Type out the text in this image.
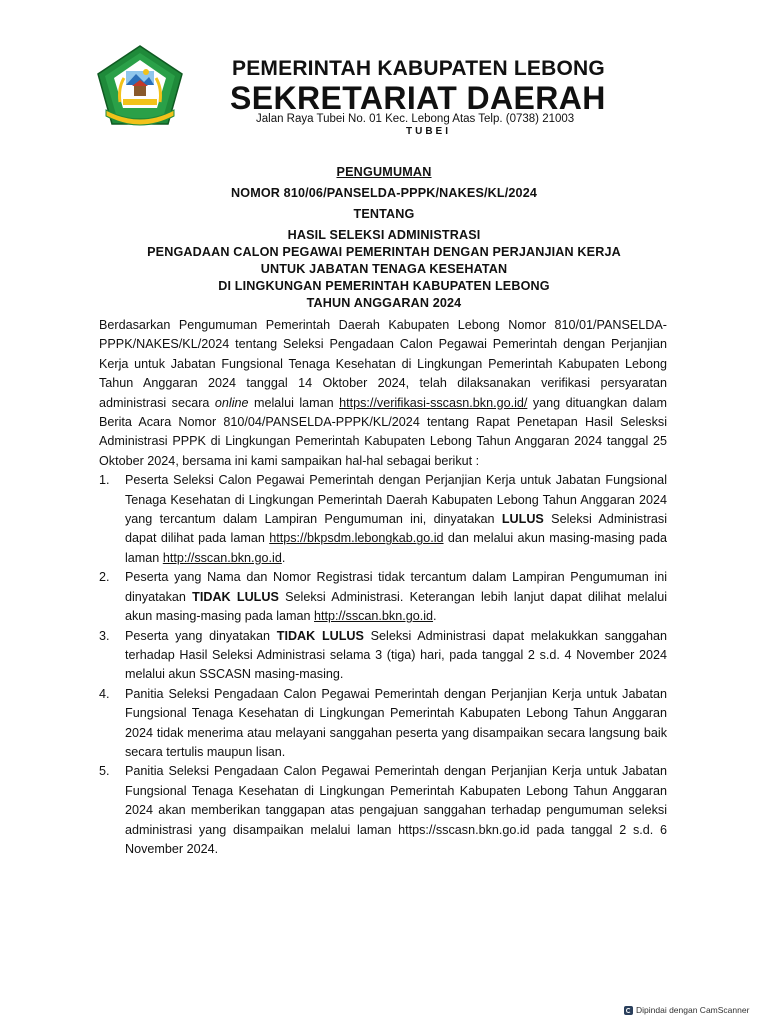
PEMERINTAH KABUPATEN LEBONG
SEKRETARIAT DAERAH
Jalan Raya Tubei No. 01 Kec. Lebong Atas Telp. (0738) 21003
TUBEI
PENGUMUMAN
NOMOR 810/06/PANSELDA-PPPK/NAKES/KL/2024
TENTANG
HASIL SELEKSI ADMINISTRASI
PENGADAAN CALON PEGAWAI PEMERINTAH DENGAN PERJANJIAN KERJA
UNTUK JABATAN TENAGA KESEHATAN
DI LINGKUNGAN PEMERINTAH KABUPATEN LEBONG
TAHUN ANGGARAN 2024

Berdasarkan Pengumuman Pemerintah Daerah Kabupaten Lebong Nomor 810/01/PANSELDA-PPPK/NAKES/KL/2024 tentang Seleksi Pengadaan Calon Pegawai Pemerintah dengan Perjanjian Kerja untuk Jabatan Fungsional Tenaga Kesehatan di Lingkungan Pemerintah Kabupaten Lebong Tahun Anggaran 2024 tanggal 14 Oktober 2024, telah dilaksanakan verifikasi persyaratan administrasi secara online melalui laman https://verifikasi-sscasn.bkn.go.id/ yang dituangkan dalam Berita Acara Nomor 810/04/PANSELDA-PPPK/KL/2024 tentang Rapat Penetapan Hasil Selesksi Administrasi PPPK di Lingkungan Pemerintah Kabupaten Lebong Tahun Anggaran 2024 tanggal 25 Oktober 2024, bersama ini kami sampaikan hal-hal sebagai berikut :

1. Peserta Seleksi Calon Pegawai Pemerintah dengan Perjanjian Kerja untuk Jabatan Fungsional Tenaga Kesehatan di Lingkungan Pemerintah Daerah Kabupaten Lebong Tahun Anggaran 2024 yang tercantum dalam Lampiran Pengumuman ini, dinyatakan LULUS Seleksi Administrasi dapat dilihat pada laman https://bkpsdm.lebongkab.go.id dan melalui akun masing-masing pada laman http://sscan.bkn.go.id.
2. Peserta yang Nama dan Nomor Registrasi tidak tercantum dalam Lampiran Pengumuman ini dinyatakan TIDAK LULUS Seleksi Administrasi. Keterangan lebih lanjut dapat dilihat melalui akun masing-masing pada laman http://sscan.bkn.go.id.
3. Peserta yang dinyatakan TIDAK LULUS Seleksi Administrasi dapat melakukkan sanggahan terhadap Hasil Seleksi Administrasi selama 3 (tiga) hari, pada tanggal 2 s.d. 4 November 2024 melalui akun SSCASN masing-masing.
4. Panitia Seleksi Pengadaan Calon Pegawai Pemerintah dengan Perjanjian Kerja untuk Jabatan Fungsional Tenaga Kesehatan di Lingkungan Pemerintah Kabupaten Lebong Tahun Anggaran 2024 tidak menerima atau melayani sanggahan peserta yang disampaikan secara langsung baik secara tertulis maupun lisan.
5. Panitia Seleksi Pengadaan Calon Pegawai Pemerintah dengan Perjanjian Kerja untuk Jabatan Fungsional Tenaga Kesehatan di Lingkungan Pemerintah Kabupaten Lebong Tahun Anggaran 2024 akan memberikan tanggapan atas pengajuan sanggahan terhadap pengumuman seleksi administrasi yang disampaikan melalui laman https://sscasn.bkn.go.id pada tanggal 2 s.d. 6 November 2024.
Dipindai dengan CamScanner
